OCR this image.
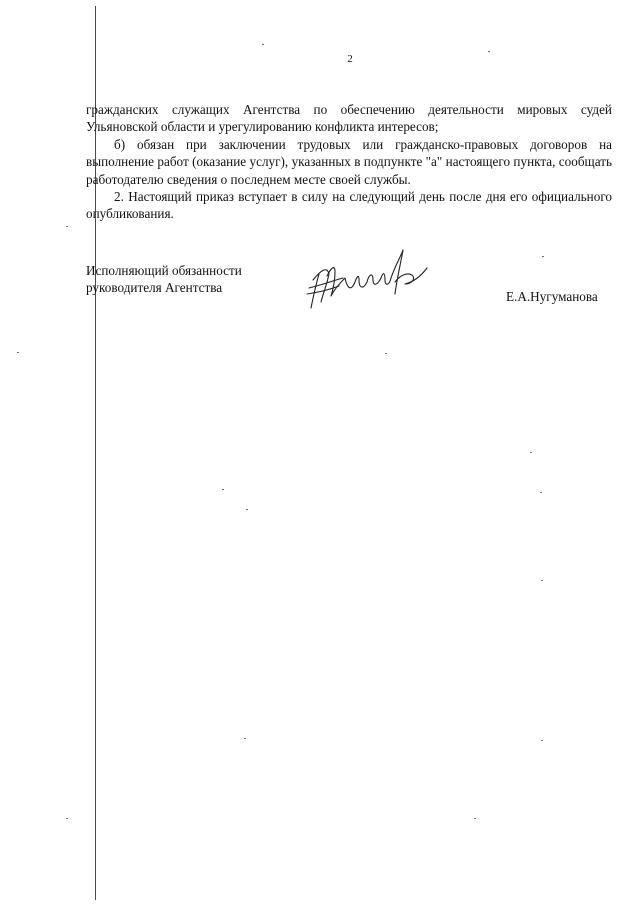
2

гражданских служащих Агентства по обеспечению деятельности мировых судей Ульяновской области и урегулированию конфликта интересов;

б) обязан при заключении трудовых или гражданско-правовых договоров на выполнение работ (оказание услуг), указанных в подпункте "а" настоящего пункта, сообщать работодателю сведения о последнем месте своей службы.

2. Настоящий приказ вступает в силу на следующий день после дня его официального опубликования.

Исполняющий обязанности
руководителя Агентства
Е.А.Нугуманова
